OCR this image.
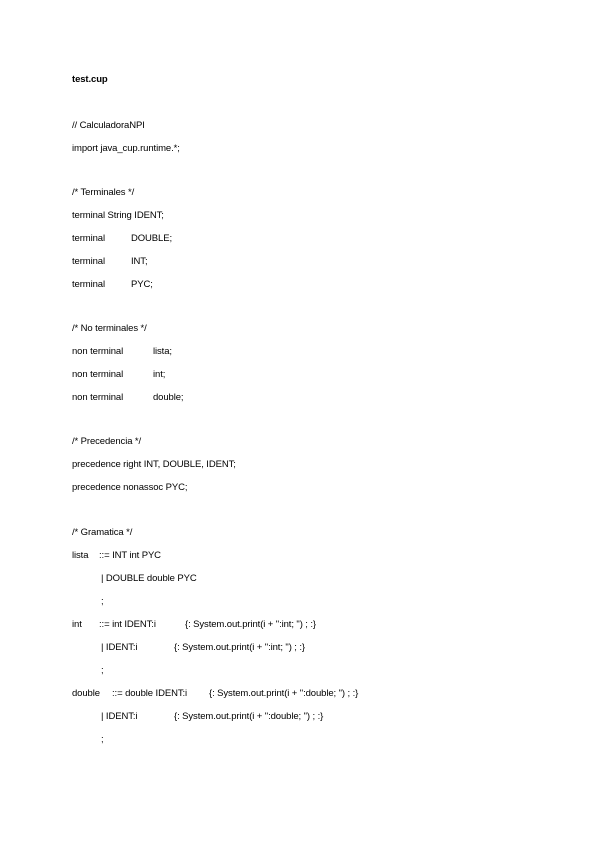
test.cup
// CalculadoraNPI
import java_cup.runtime.*;
/* Terminales */
terminal String IDENT;

terminal

	DOUBLE;

terminal

	INT;

terminal

	PYC;

/* No terminales */

non terminal

	lista;

non terminal

	int;

non terminal

	double;

/* Precedencia */
precedence right INT, DOUBLE, IDENT;
precedence nonassoc PYC;
/* Gramatica */

lista

::= INT int PYC

| DOUBLE double PYC

;

int

::= int IDENT:i

	{: System.out.print(i + ":int; ") ; :}

| IDENT:i

	{: System.out.print(i + ":int; ") ; :}

;

double

::= double IDENT:i

{: System.out.print(i + ":double; ") ; :}

| IDENT:i

	{: System.out.print(i + ":double; ") ; :}

;
